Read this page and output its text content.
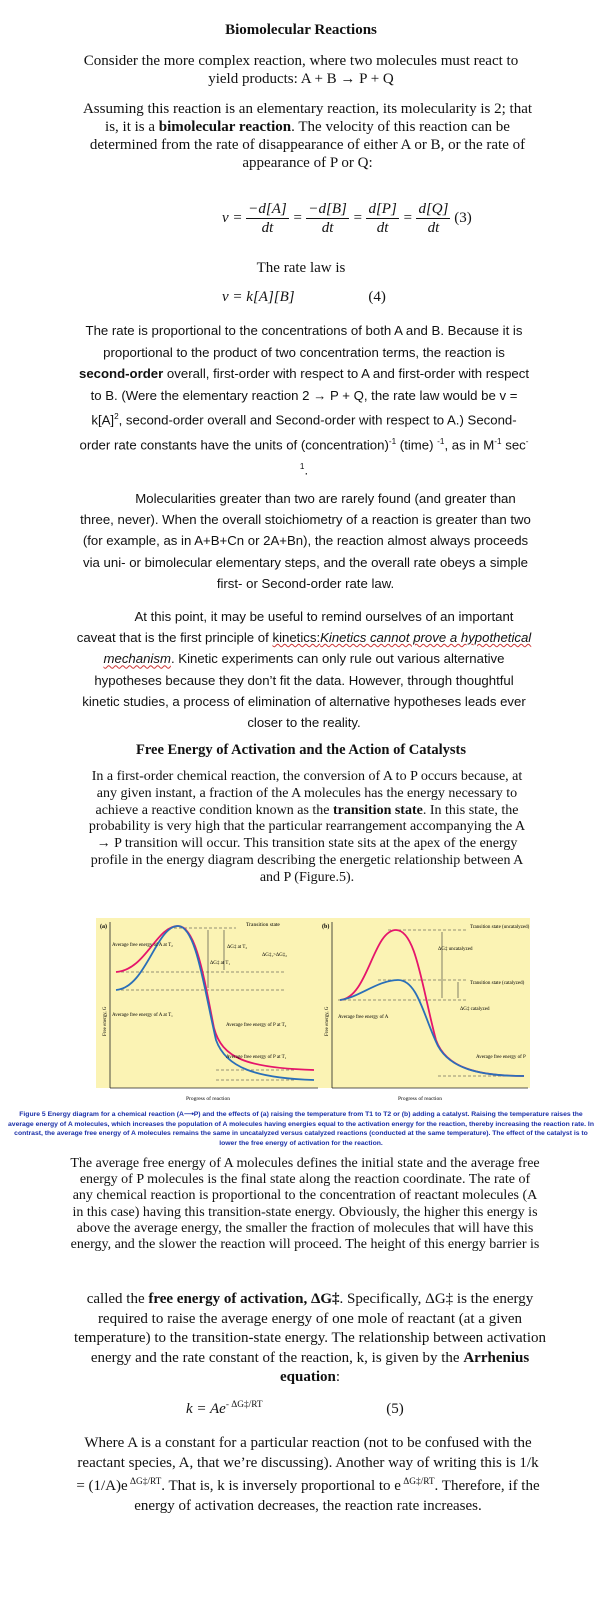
Biomolecular Reactions

Consider the more complex reaction, where two molecules must react to yield products: A + B → P + Q

Assuming this reaction is an elementary reaction, its molecularity is 2; that is, it is a bimolecular reaction. The velocity of this reaction can be determined from the rate of disappearance of either A or B, or the rate of appearance of P or Q:

$v = \frac{-d[A]}{dt} = \frac{-d[B]}{dt} = \frac{d[P]}{dt} = \frac{d[Q]}{dt} (3)$
The rate law is
v = k[A][B]	(4)

The rate is proportional to the concentrations of both A and B. Because it is proportional to the product of two concentration terms, the reaction is second-order overall, first-order with respect to A and first-order with respect to B. (Were the elementary reaction 2 → P + Q, the rate law would be $v = k[A]^2$, second-order overall and Second-order with respect to A.) Second-order rate constants have the units of (concentration)$^{-1}$ (time) $^{-1}$, as in $M^{-1}$ $\sec^{-1}$.

Molecularities greater than two are rarely found (and greater than three, never). When the overall stoichiometry of a reaction is greater than two (for example, as in A+B+Cn or 2A+Bn), the reaction almost always proceeds via uni- or bimolecular elementary steps, and the overall rate obeys a simple first- or Second-order rate law.

At this point, it may be useful to remind ourselves of an important caveat that is the first principle of kinetics:Kinetics cannot prove a hypothetical mechanism. Kinetic experiments can only rule out various alternative hypotheses because they don’t fit the data. However, through thoughtful kinetic studies, a process of elimination of alternative hypotheses leads ever closer to the reality.

Free Energy of Activation and the Action of Catalysts

In a first-order chemical reaction, the conversion of A to P occurs because, at any given instant, a fraction of the A molecules has the energy necessary to achieve a reactive condition known as the transition state. In this state, the probability is very high that the particular rearrangement accompanying the A → P transition will occur. This transition state sits at the apex of the energy profile in the energy diagram describing the energetic relationship between A and P (Figure.5).

(a)	Transition state
Average free energy of A at T₂	ΔG‡ at T₂
ΔG‡ at T₁
ΔG‡₁>ΔG‡₂
Average free energy of A at T₁
Average free energy of P at T₂
Average free energy of P at T₁
Free energy, G
Progress of reaction
(b)	Transition state (uncatalyzed)
ΔG‡ uncatalyzed
Transition state (catalyzed)
ΔG‡ catalyzed
Average free energy of A
Average free energy of P
Free energy, G
Progress of reaction
Figure 5 Energy diagram for a chemical reaction (A⟶P) and the effects of (a) raising the temperature from T1 to T2 or (b) adding a catalyst. Raising the temperature raises the average energy of A molecules, which increases the population of A molecules having energies equal to the activation energy for the reaction, thereby increasing the reaction rate. In contrast, the average free energy of A molecules remains the same in uncatalyzed versus catalyzed reactions (conducted at the same temperature). The effect of the catalyst is to lower the free energy of activation for the reaction.

The average free energy of A molecules defines the initial state and the average free energy of P molecules is the final state along the reaction coordinate. The rate of any chemical reaction is proportional to the concentration of reactant molecules (A in this case) having this transition-state energy. Obviously, the higher this energy is above the average energy, the smaller the fraction of molecules that will have this energy, and the slower the reaction will proceed. The height of this energy barrier is

called the free energy of activation, ΔG‡. Specifically, ΔG‡ is the energy required to raise the average energy of one mole of reactant (at a given temperature) to the transition-state energy. The relationship between activation energy and the rate constant of the reaction, k, is given by the Arrhenius equation:

$k = Ae^{- \Delta G\ddagger/RT}$	(5)

Where A is a constant for a particular reaction (not to be confused with the reactant species, A, that we’re discussing). Another way of writing this is 1/k = (1/A)e $^{\Delta G\ddagger/RT}$. That is, k is inversely proportional to e $^{\Delta G\ddagger/RT}$. Therefore, if the energy of activation decreases, the reaction rate increases.
